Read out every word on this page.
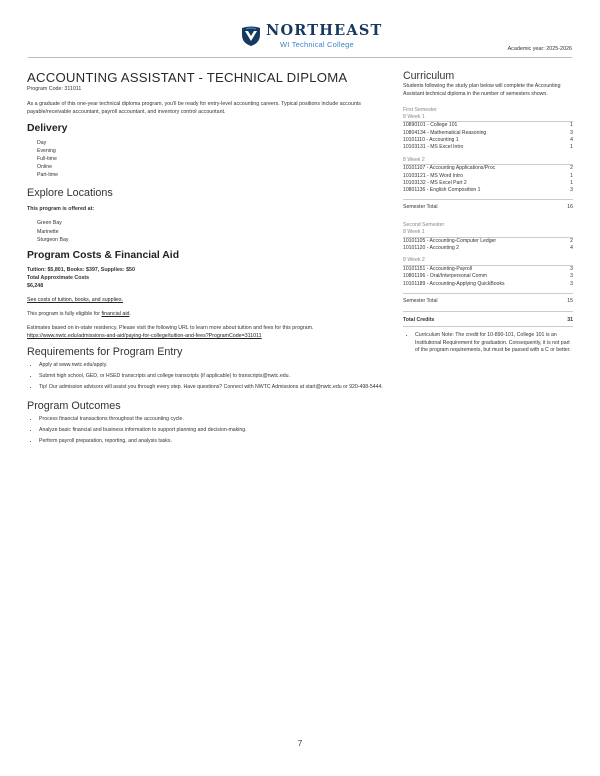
NORTHEAST
WI Technical College
Academic year: 2025-2026
ACCOUNTING ASSISTANT - TECHNICAL DIPLOMA
Program Code: 311011
As a graduate of this one-year technical diploma program, you'll be ready for entry-level accounting careers. Typical positions include accounts payable/receivable accountant, payroll accountant, and inventory control accountant.
Delivery
Day
Evening
Full-time
Online
Part-time
Explore Locations
This program is offered at:
Green Bay
Marinette
Sturgeon Bay
Program Costs & Financial Aid
Tuition: $5,801, Books: $397, Supplies: $50
Total Approximate Costs
$6,248
See costs of tuition, books, and supplies.
This program is fully eligible for financial aid.
Estimates based on in-state residency. Please visit the following URL to learn more about tuition and fees for this program.
https://www.nwtc.edu/admissions-and-aid/paying-for-college/tuition-and-fees?ProgramCode=311011
Requirements for Program Entry
• Apply at www.nwtc.edu/apply.
• Submit high school, GED, or HSED transcripts and college transcripts (if applicable) to transcripts@nwtc.edu.
• Tip! Our admission advisors will assist you through every step. Have questions? Connect with NWTC Admissions at start@nwtc.edu or 920-498-5444.
Program Outcomes
• Process financial transactions throughout the accounting cycle.
• Analyze basic financial and business information to support planning and decision-making.
• Perform payroll preparation, reporting, and analysis tasks.
Curriculum
Students following the study plan below will complete the Accounting Assistant technical diploma in the number of semesters shown.
First Semester
8 Week 1
10890101 - College 101	1
10804134 - Mathematical Reasoning	3
10101110 - Accounting 1	4
10103131 - MS Excel Intro	1
8 Week 2
10101107 - Accounting Applications/Proc	2
10103121 - MS Word Intro	1
10103132 - MS Excel Part 2	1
10801136 - English Composition 1	3
Semester Total	16
Second Semester
8 Week 1
10101105 - Accounting-Computer Ledger	2
10101120 - Accounting 2	4
8 Week 2
10101151 - Accounting-Payroll	3
10801196 - Oral/Interpersonal Comm	3
10101189 - Accounting-Applying QuickBooks	3
Semester Total	15
Total Credits	31
• Curriculum Note: The credit for 10-890-101, College 101 is an Institutional Requirement for graduation. Consequently, it is not part of the program requirements, but must be passed with a C or better.
7
